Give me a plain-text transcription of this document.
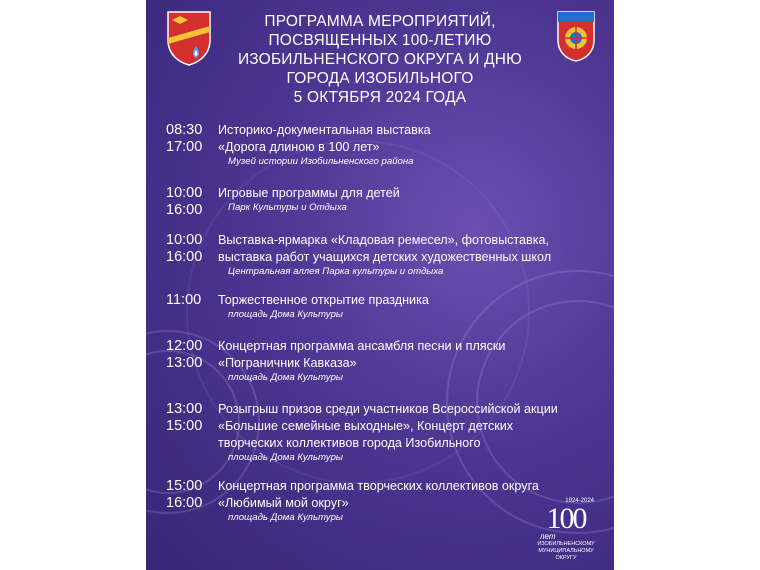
ПРОГРАММА МЕРОПРИЯТИЙ,
ПОСВЯЩЕННЫХ 100-ЛЕТИЮ
ИЗОБИЛЬНЕНСКОГО ОКРУГА И ДНЮ
ГОРОДА ИЗОБИЛЬНОГО
5 ОКТЯБРЯ 2024 ГОДА
08:30
17:00
Историко-документальная выставка
«Дорога длиною в 100 лет»
Музей истории Изобильненского района
10:00
16:00
Игровые программы для детей
Парк Культуры и Отдыха
10:00
16:00
Выставка-ярмарка «Кладовая ремесел», фотовыставка,
выставка работ учащихся детских художественных школ
Центральная аллея Парка культуры и отдыха
11:00	Торжественное открытие праздника
площадь Дома Культуры
12:00
13:00
Концертная программа ансамбля песни и пляски
«Пограничник Кавказа»
площадь Дома Культуры
13:00
15:00
Розыгрыш призов среди участников Всероссийской акции
«Большие семейные выходные», Концерт детских
творческих коллективов города Изобильного
площадь Дома Культуры
15:00
16:00
Концертная программа творческих коллективов округа
«Любимый мой округ»
площадь Дома Культуры
1924-2024
100
лет
ИЗОБИЛЬНЕНСКОМУ
МУНИЦИПАЛЬНОМУ
ОКРУГУ
